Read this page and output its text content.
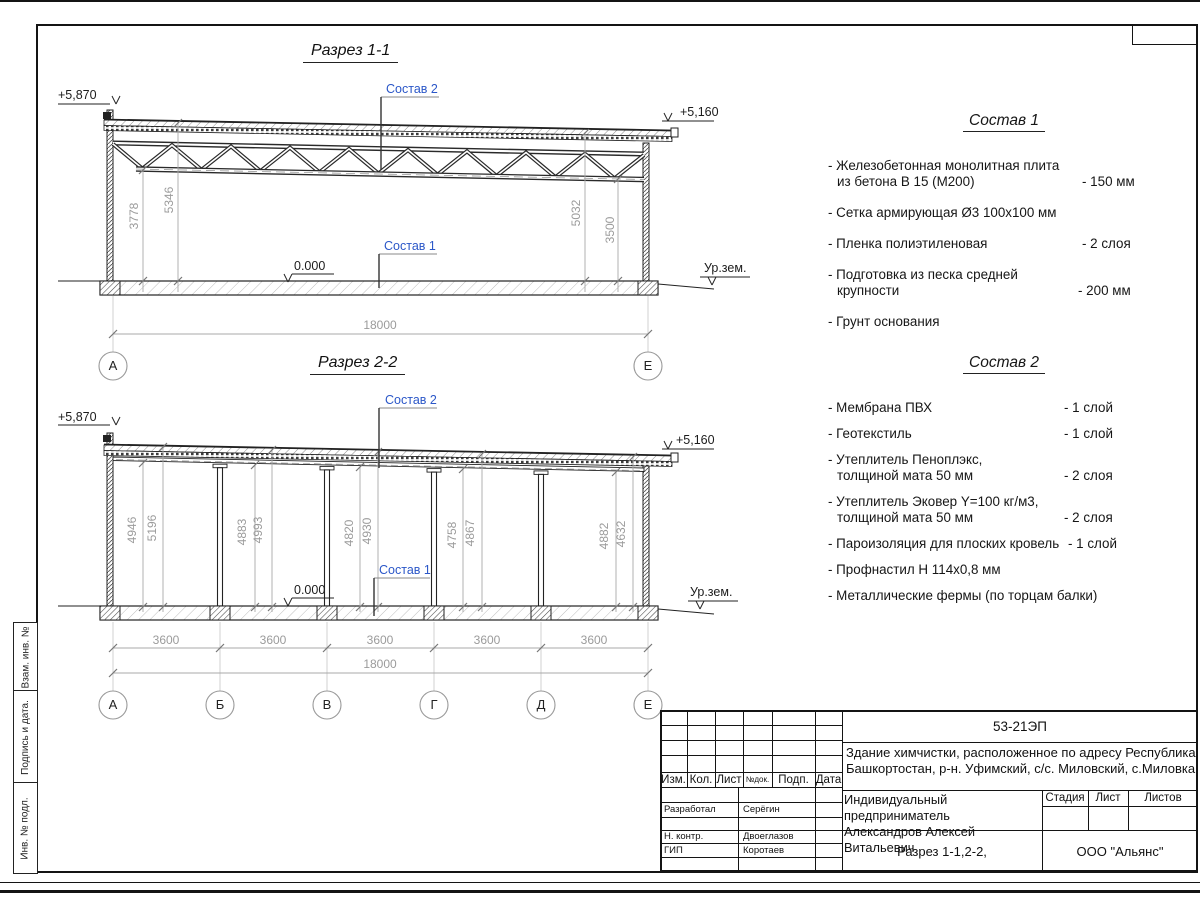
Взам. инв. №
Подпись и дата.
Инв. № подл.
Разрез 1-1
+5,870
+5,160
Состав 2
Состав 1
0.000	Ур.зем.
3778
5346	5032
3500
18000
А	Е
Разрез 2-2
+5,870
+5,160
Состав 2
Состав 1
0.000	Ур.зем.
4946 5196	4883 4993	4820 4930	4758 4867	4882 4632
3600	3600	3600	3600	3600
18000
А	Б	В	Г	Д	Е
Состав 1
- Железобетонная монолитная плита
из бетона В 15 (М200)	- 150 мм
- Сетка армирующая Ø3 100х100 мм
- Пленка полиэтиленовая	- 2 слоя
- Подготовка из песка средней
крупности	- 200 мм
- Грунт основания
Состав 2
- Мембрана ПВХ	- 1 слой
- Геотекстиль	- 1 слой
- Утеплитель Пеноплэкс,
толщиной мата 50 мм	- 2 слоя
- Утеплитель Эковер Y=100 кг/м3,
толщиной мата 50 мм	- 2 слоя
- Пароизоляция для плоских кровель - 1 слой
- Профнастил Н 114х0,8 мм
- Металлические фермы (по торцам балки)
Изм. Кол. Лист №док. Подп. Дата
Разработал	Серёгин
Н. контр.	Двоеглазов
ГИП	Коротаев
53-21ЭП
Здание химчистки, расположенное по адресу Республика
Башкортостан, р-н. Уфимский, с/с. Миловский, с.Миловка
Индивидуальный предприниматель
Александров Алексей Витальевич
Стадия Лист	Листов
Разрез 1-1,2-2,	ООО "Альянс"
